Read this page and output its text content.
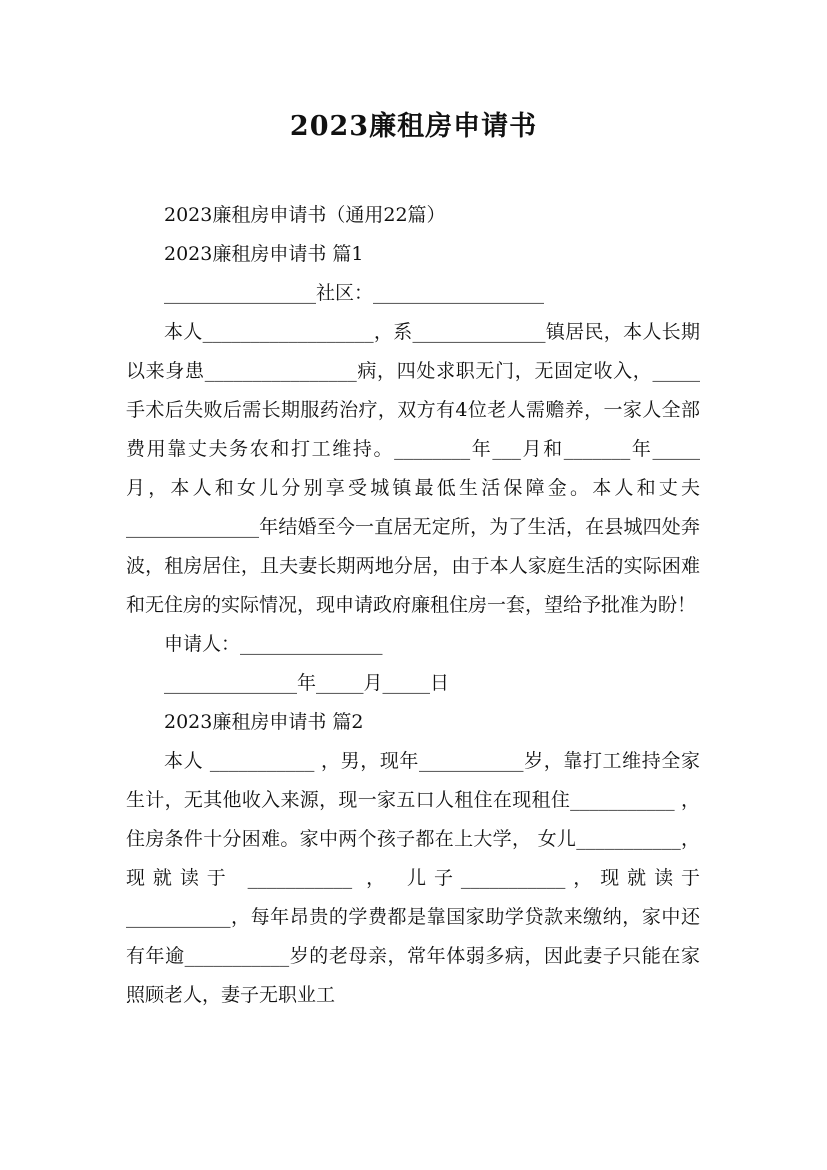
2023廉租房申请书

2023廉租房申请书（通用22篇）

2023廉租房申请书 篇1

________________社区：__________________

本人__________________，系______________镇居民，本人长期以来身患________________病，四处求职无门，无固定收入，_____手术后失败后需长期服药治疗，双方有4位老人需赡养，一家人全部费用靠丈夫务农和打工维持。________年___月和_______年_____月，本人和女儿分别享受城镇最低生活保障金。本人和丈夫______________年结婚至今一直居无定所，为了生活，在县城四处奔波，租房居住，且夫妻长期两地分居，由于本人家庭生活的实际困难和无住房的实际情况，现申请政府廉租住房一套，望给予批准为盼！

申请人：_______________

______________年_____月_____日

2023廉租房申请书 篇2

本人 ___________ ，男，现年___________岁，靠打工维持全家生计，无其他收入来源，现一家五口人租住在现租住___________ ，住房条件十分困难。家中两个孩子都在上大学， 女儿___________， 现就读于 ___________ ， 儿子___________，现就读于___________，每年昂贵的学费都是靠国家助学贷款来缴纳，家中还有年逾___________岁的老母亲，常年体弱多病，因此妻子只能在家照顾老人，妻子无职业工
